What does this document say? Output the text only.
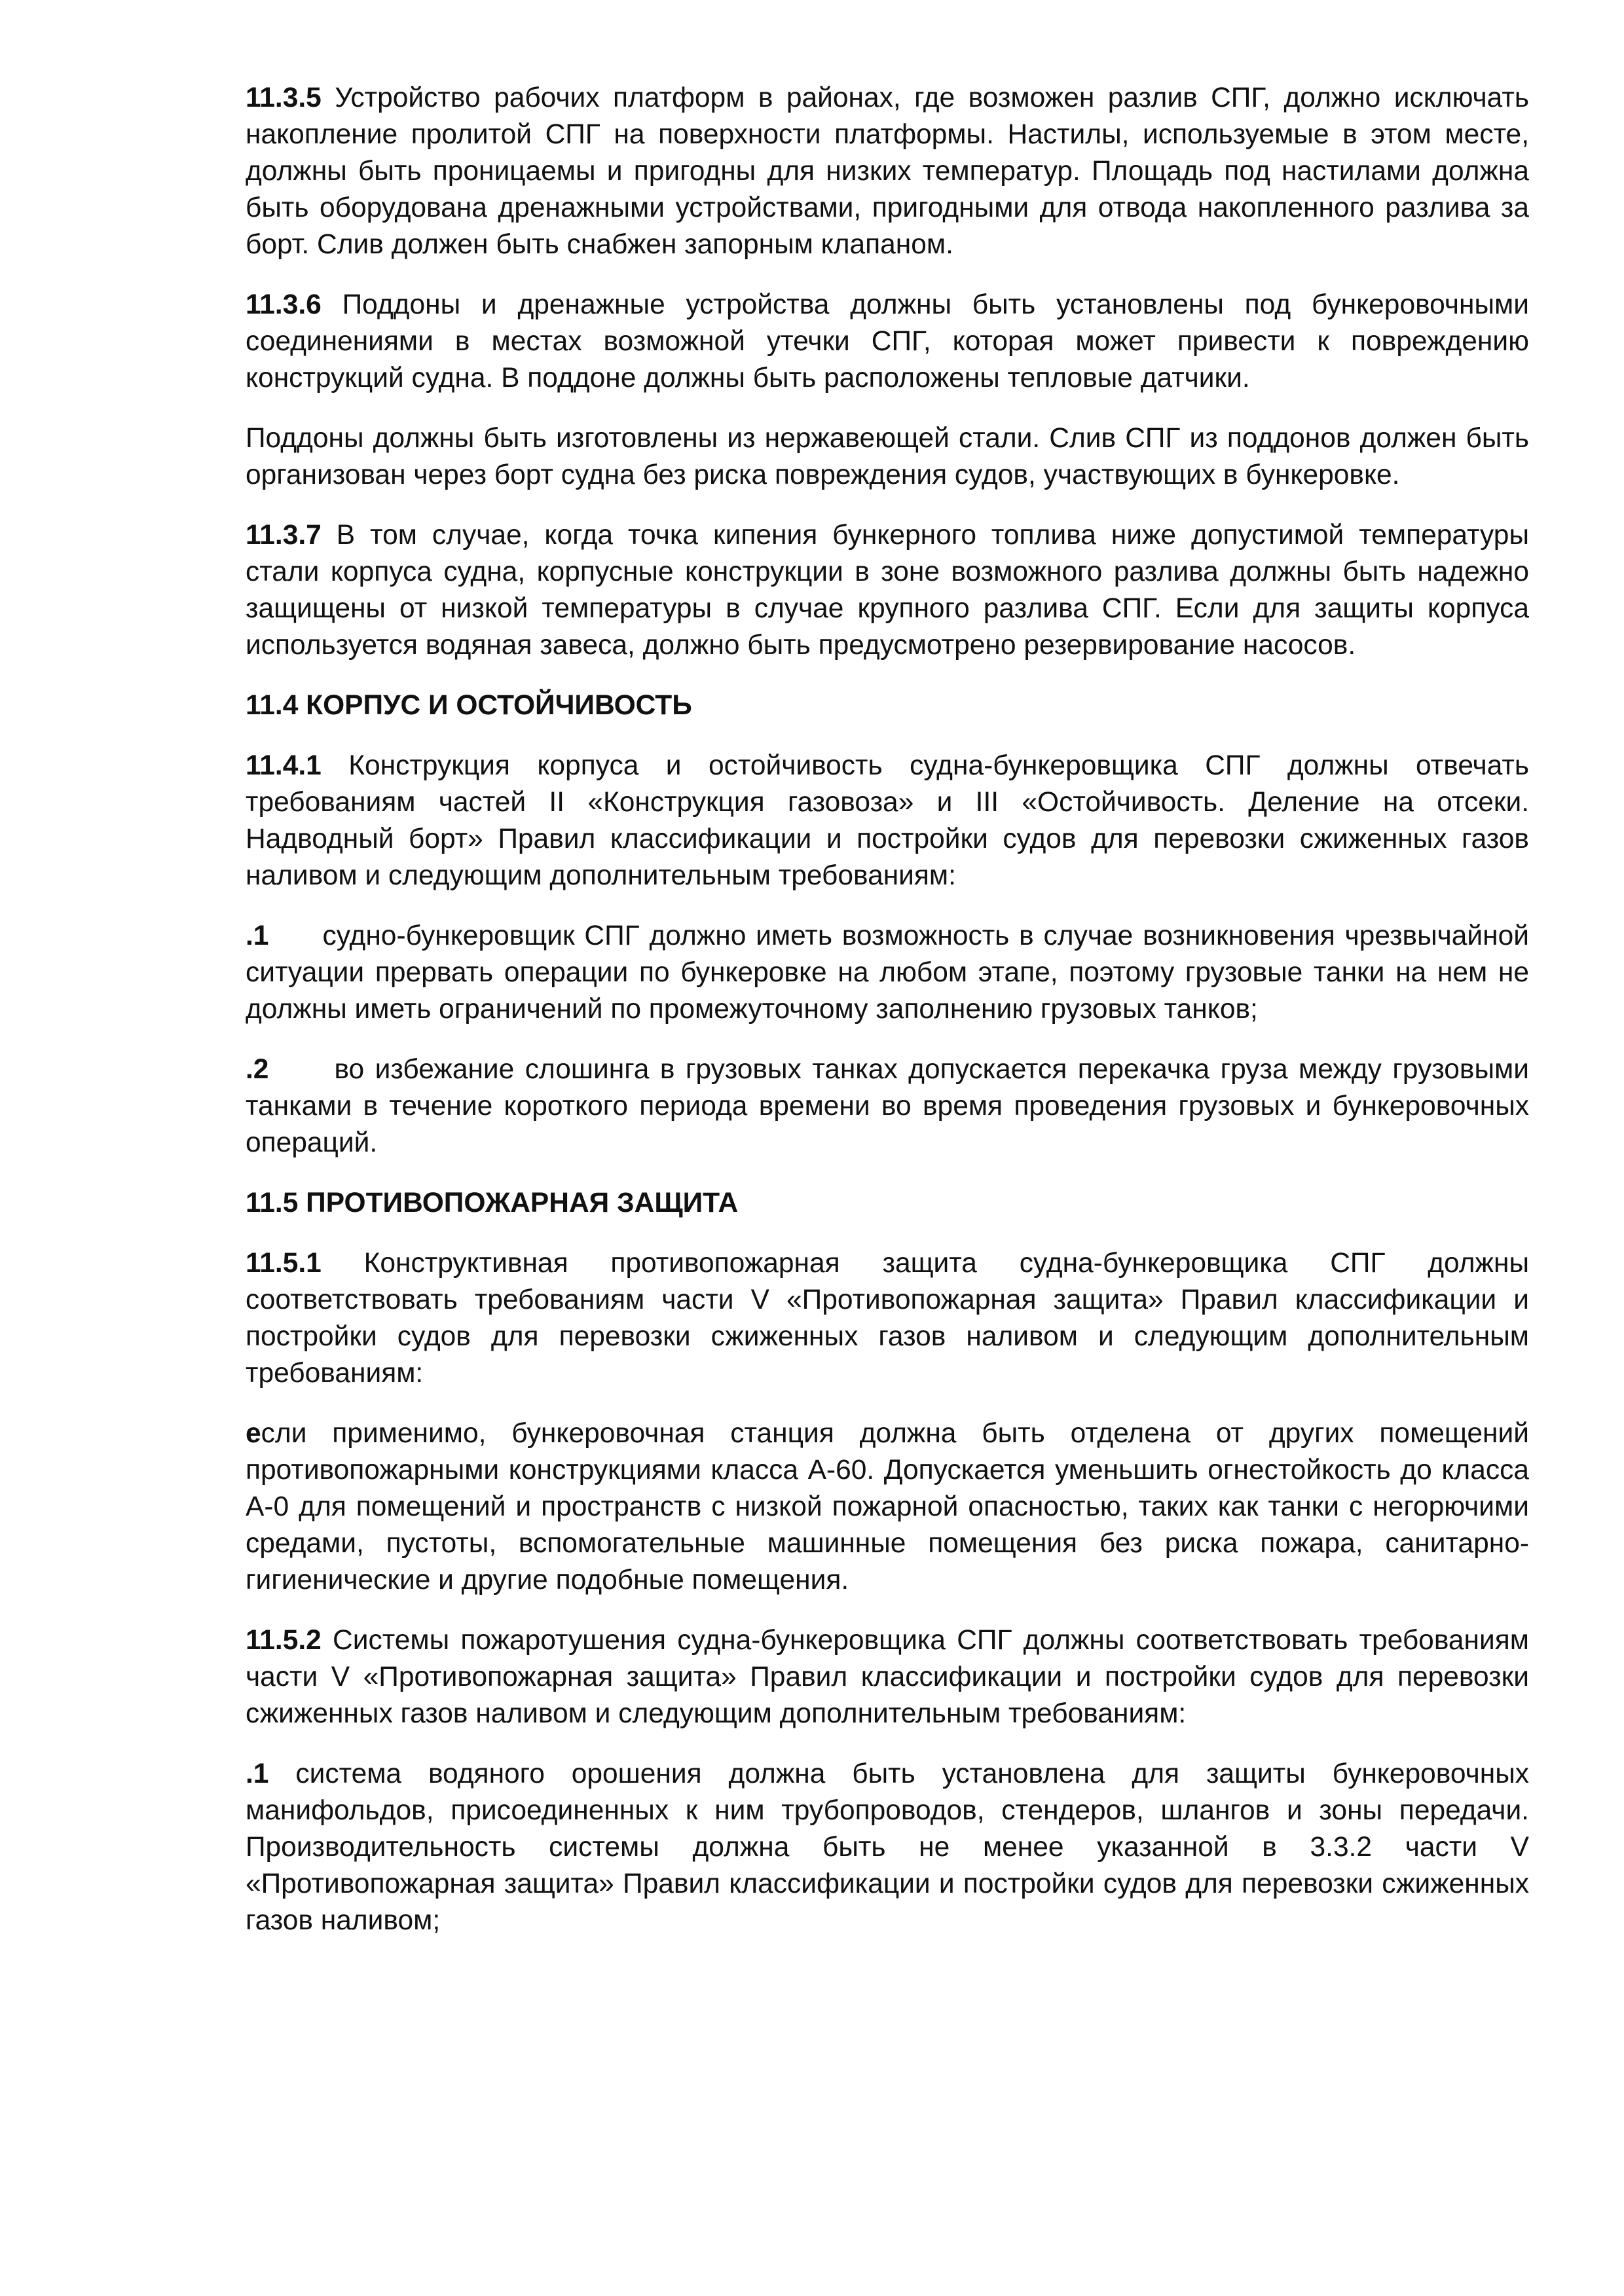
11.3.5 Устройство рабочих платформ в районах, где возможен разлив СПГ, должно исключать накопление пролитой СПГ на поверхности платформы. Настилы, используемые в этом месте, должны быть проницаемы и пригодны для низких температур. Площадь под настилами должна быть оборудована дренажными устройствами, пригодными для отвода накопленного разлива за борт. Слив должен быть снабжен запорным клапаном.

11.3.6 Поддоны и дренажные устройства должны быть установлены под бункеровочными соединениями в местах возможной утечки СПГ, которая может привести к повреждению конструкций судна. В поддоне должны быть расположены тепловые датчики.

Поддоны должны быть изготовлены из нержавеющей стали. Слив СПГ из поддонов должен быть организован через борт судна без риска повреждения судов, участвующих в бункеровке.

11.3.7 В том случае, когда точка кипения бункерного топлива ниже допустимой температуры стали корпуса судна, корпусные конструкции в зоне возможного разлива должны быть надежно защищены от низкой температуры в случае крупного разлива СПГ. Если для защиты корпуса используется водяная завеса, должно быть предусмотрено резервирование насосов.

11.4 КОРПУС И ОСТОЙЧИВОСТЬ

11.4.1 Конструкция корпуса и остойчивость судна-бункеровщика СПГ должны отвечать требованиям частей II «Конструкция газовоза» и III «Остойчивость. Деление на отсеки. Надводный борт» Правил классификации и постройки судов для перевозки сжиженных газов наливом и следующим дополнительным требованиям:

.1 судно-бункеровщик СПГ должно иметь возможность в случае возникновения чрезвычайной ситуации прервать операции по бункеровке на любом этапе, поэтому грузовые танки на нем не должны иметь ограничений по промежуточному заполнению грузовых танков;

.2 во избежание слошинга в грузовых танках допускается перекачка груза между грузовыми танками в течение короткого периода времени во время проведения грузовых и бункеровочных операций.

11.5 ПРОТИВОПОЖАРНАЯ ЗАЩИТА

11.5.1 Конструктивная противопожарная защита судна-бункеровщика СПГ должны соответствовать требованиям части V «Противопожарная защита» Правил классификации и постройки судов для перевозки сжиженных газов наливом и следующим дополнительным требованиям:

если применимо, бункеровочная станция должна быть отделена от других помещений противопожарными конструкциями класса А-60. Допускается уменьшить огнестойкость до класса А-0 для помещений и пространств с низкой пожарной опасностью, таких как танки с негорючими средами, пустоты, вспомогательные машинные помещения без риска пожара, санитарно-гигиенические и другие подобные помещения.

11.5.2 Системы пожаротушения судна-бункеровщика СПГ должны соответствовать требованиям части V «Противопожарная защита» Правил классификации и постройки судов для перевозки сжиженных газов наливом и следующим дополнительным требованиям:

.1 система водяного орошения должна быть установлена для защиты бункеровочных манифольдов, присоединенных к ним трубопроводов, стендеров, шлангов и зоны передачи. Производительность системы должна быть не менее указанной в 3.3.2 части V «Противопожарная защита» Правил классификации и постройки судов для перевозки сжиженных газов наливом;
